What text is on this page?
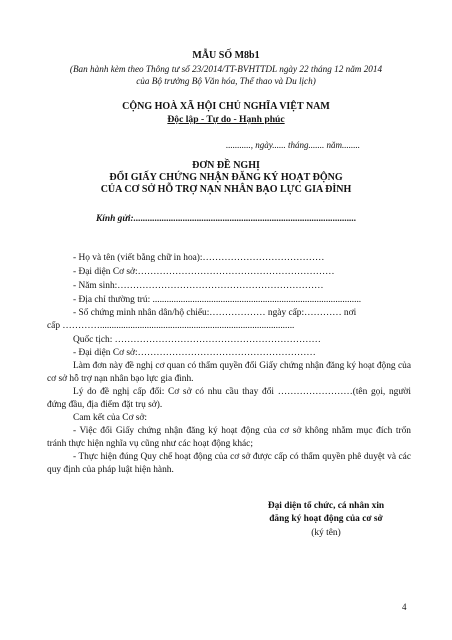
MẪU SỐ M8b1
(Ban hành kèm theo Thông tư số 23/2014/TT-BVHTTDL ngày 22 tháng 12 năm 2014
của Bộ trưởng Bộ Văn hóa, Thể thao và Du lịch)
CỘNG HOÀ XÃ HỘI CHỦ NGHĨA VIỆT NAM
Độc lập - Tự do - Hạnh phúc
..........., ngày...... tháng....... năm........
ĐƠN ĐỀ NGHỊ
ĐỔI GIẤY CHỨNG NHẬN ĐĂNG KÝ HOẠT ĐỘNG
CỦA CƠ SỞ HỖ TRỢ NẠN NHÂN BẠO LỰC GIA ĐÌNH
Kính gửi:...............................................................................................
- Họ và tên (viết bằng chữ in hoa):…………………………………
- Đại diện Cơ sở:………………………………………………………
- Năm sinh:…………………………………………………………
- Địa chỉ thường trú: .........................................................................................
- Số chứng minh nhân dân/hộ chiếu:……………… ngày cấp:………… nơi
cấp …………...................................................................................
Quốc tịch: …………………………………………………………
- Đại diện Cơ sở:…………………………………………………
Làm đơn này đề nghị cơ quan có thẩm quyền đổi Giấy chứng nhận đăng ký hoạt động của cơ sở hỗ trợ nạn nhân bạo lực gia đình.
Lý do đề nghị cấp đổi: Cơ sở có nhu cầu thay đổi ……………………(tên gọi, người đứng đầu, địa điểm đặt trụ sở).
Cam kết của Cơ sở:
- Việc đổi Giấy chứng nhận đăng ký hoạt động của cơ sở không nhằm mục đích trốn tránh thực hiện nghĩa vụ cũng như các hoạt động khác;
- Thực hiện đúng Quy chế hoạt động của cơ sở được cấp có thẩm quyền phê duyệt và các quy định của pháp luật hiện hành.
Đại diện tổ chức, cá nhân xin
đăng ký hoạt động của cơ sở
(ký tên)
4
